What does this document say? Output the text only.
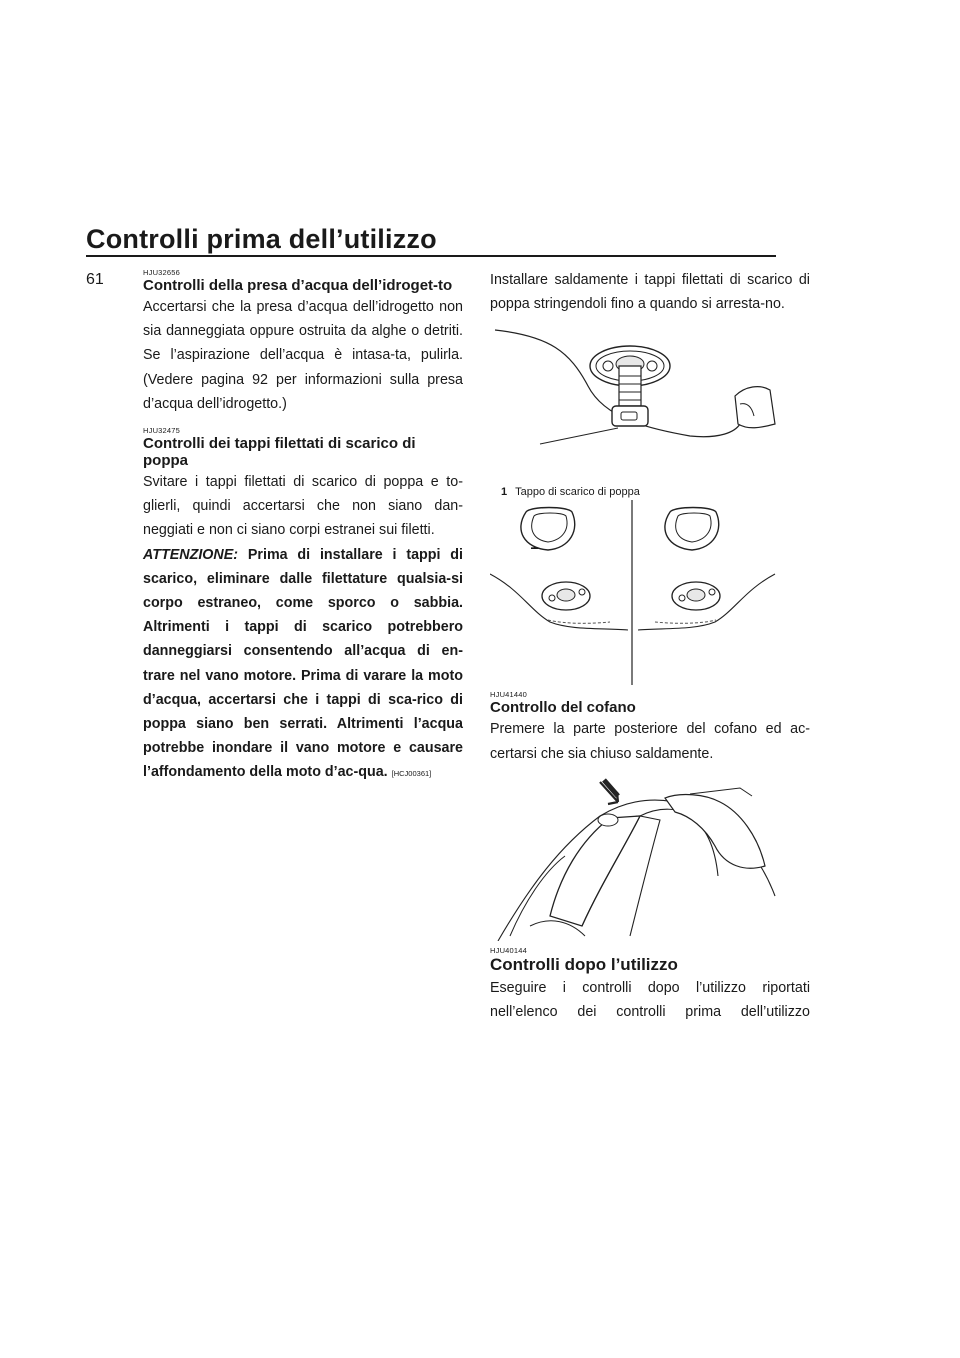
Controlli prima dell’utilizzo
61	HJU32656

Controlli della presa d’acqua dell’idroget-to

Accertarsi che la presa d’acqua dell’idrogetto non sia danneggiata oppure ostruita da alghe o detriti. Se l’aspirazione dell’acqua è intasa-ta, pulirla. (Vedere pagina 92 per informazioni sulla presa d’acqua dell’idrogetto.)

HJU32475

Controlli dei tappi filettati di scarico di poppa

Svitare i tappi filettati di scarico di poppa e to-glierli, quindi accertarsi che non siano dan-neggiati e non ci siano corpi estranei sui filetti.

ATTENZIONE: Prima di installare i tappi di scarico, eliminare dalle filettature qualsia-si corpo estraneo, come sporco o sabbia. Altrimenti i tappi di scarico potrebbero danneggiarsi consentendo all’acqua di en-trare nel vano motore. Prima di varare la moto d’acqua, accertarsi che i tappi di sca-rico di poppa siano ben serrati. Altrimenti l’acqua potrebbe inondare il vano motore e causare l’affondamento della moto d’ac-qua. [HCJ00361]

Installare saldamente i tappi filettati di scarico di poppa stringendoli fino a quando si arresta-no.

1 Tappo di scarico di poppa

HJU41440

Controllo del cofano

Premere la parte posteriore del cofano ed ac-certarsi che sia chiuso saldamente.

HJU40144

Controlli dopo l’utilizzo

Eseguire i controlli dopo l’utilizzo riportati nell’elenco dei controlli prima dell’utilizzo
